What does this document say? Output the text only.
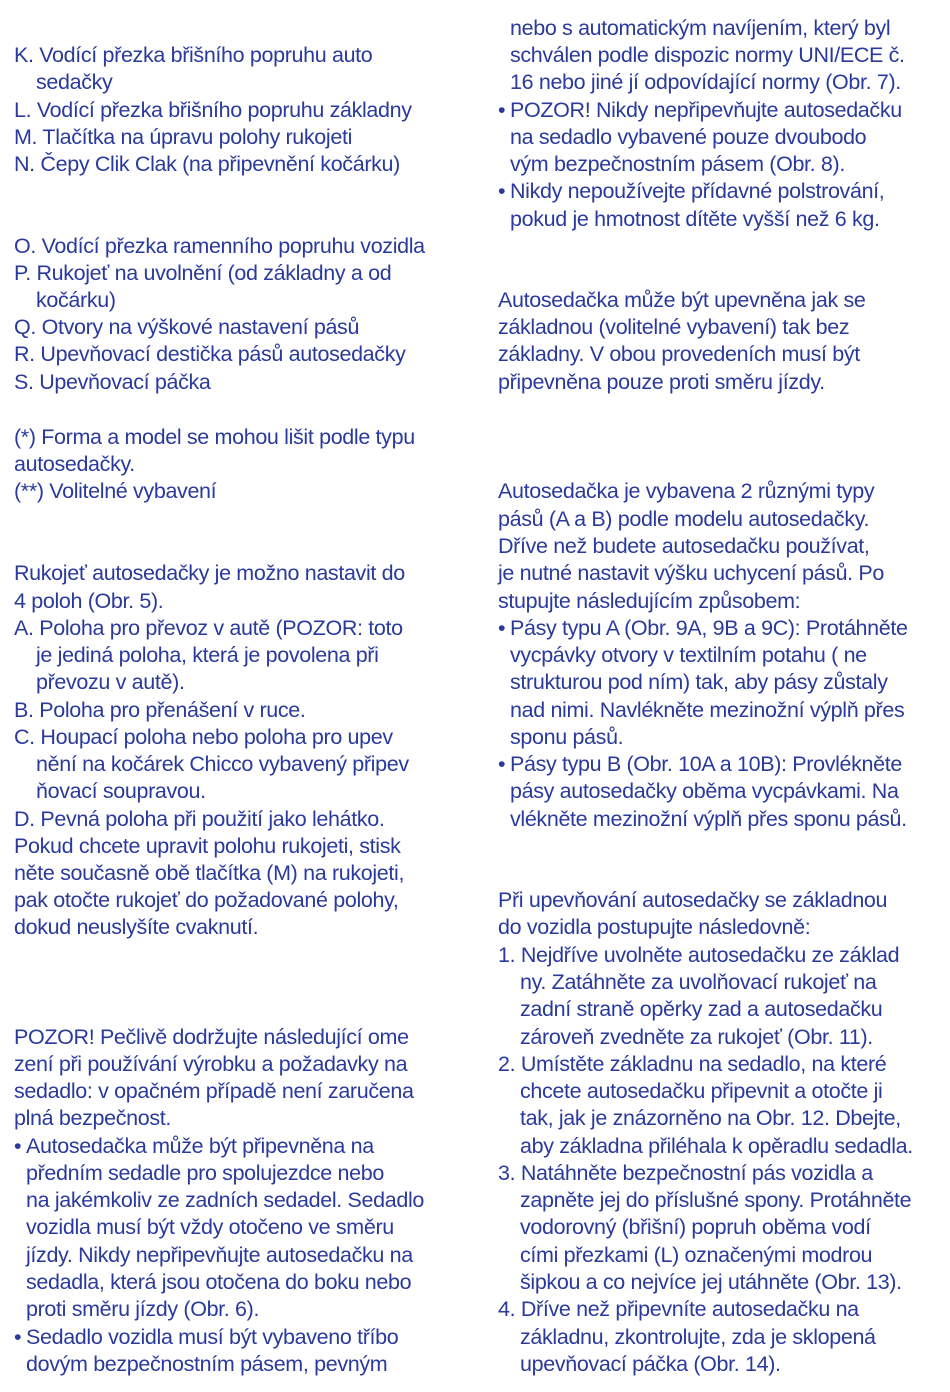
K. Vodící přezka břišního popruhu auto
sedačky
L. Vodící přezka břišního popruhu základny
M. Tlačítka na úpravu polohy rukojeti
N. Čepy Clik Clak (na připevnění kočárku)
O. Vodící přezka ramenního popruhu vozidla
P. Rukojeť na uvolnění (od základny a od
kočárku)
Q. Otvory na výškové nastavení pásů
R. Upevňovací destička pásů autosedačky
S. Upevňovací páčka
(*) Forma a model se mohou lišit podle typu
autosedačky.
(**) Volitelné vybavení
Rukojeť autosedačky je možno nastavit do
4 poloh (Obr. 5).
A. Poloha pro převoz v autě (POZOR: toto
je jediná poloha, která je povolena při
převozu v autě).
B. Poloha pro přenášení v ruce.
C. Houpací poloha nebo poloha pro upev
nění na kočárek Chicco vybavený připev
ňovací soupravou.
D. Pevná poloha při použití jako lehátko.
Pokud chcete upravit polohu rukojeti, stisk
něte současně obě tlačítka (M) na rukojeti,
pak otočte rukojeť do požadované polohy,
dokud neuslyšíte cvaknutí.
POZOR! Pečlivě dodržujte následující ome
zení při používání výrobku a požadavky na
sedadlo: v opačném případě není zaručena
plná bezpečnost.
• Autosedačka může být připevněna na
předním sedadle pro spolujezdce nebo
na jakémkoliv ze zadních sedadel. Sedadlo
vozidla musí být vždy otočeno ve směru
jízdy. Nikdy nepřipevňujte autosedačku na
sedadla, která jsou otočena do boku nebo
proti směru jízdy (Obr. 6).
• Sedadlo vozidla musí být vybaveno tříbo
dovým bezpečnostním pásem, pevným
nebo s automatickým navíjením, který byl
schválen podle dispozic normy UNI/ECE č.
16 nebo jiné jí odpovídající normy (Obr. 7).
• POZOR! Nikdy nepřipevňujte autosedačku
na sedadlo vybavené pouze dvoubodo
vým bezpečnostním pásem (Obr. 8).
• Nikdy nepoužívejte přídavné polstrování,
pokud je hmotnost dítěte vyšší než 6 kg.
Autosedačka může být upevněna jak se
základnou (volitelné vybavení) tak bez
základny. V obou provedeních musí být
připevněna pouze proti směru jízdy.
Autosedačka je vybavena 2 různými typy
pásů (A a B) podle modelu autosedačky.
Dříve než budete autosedačku používat,
je nutné nastavit výšku uchycení pásů. Po
stupujte následujícím způsobem:
• Pásy typu A (Obr. 9A, 9B a 9C): Protáhněte
vycpávky otvory v textilním potahu ( ne
strukturou pod ním) tak, aby pásy zůstaly
nad nimi. Navlékněte mezinožní výplň přes
sponu pásů.
• Pásy typu B (Obr. 10A a 10B): Provlékněte
pásy autosedačky oběma vycpávkami. Na
vlékněte mezinožní výplň přes sponu pásů.
Při upevňování autosedačky se základnou
do vozidla postupujte následovně:
1. Nejdříve uvolněte autosedačku ze základ
ny. Zatáhněte za uvolňovací rukojeť na
zadní straně opěrky zad a autosedačku
zároveň zvedněte za rukojeť (Obr. 11).
2. Umístěte základnu na sedadlo, na které
chcete autosedačku připevnit a otočte ji
tak, jak je znázorněno na Obr. 12. Dbejte,
aby základna přiléhala k opěradlu sedadla.
3. Natáhněte bezpečnostní pás vozidla a
zapněte jej do příslušné spony. Protáhněte
vodorovný (břišní) popruh oběma vodí
cími přezkami (L) označenými modrou
šipkou a co nejvíce jej utáhněte (Obr. 13).
4. Dříve než připevníte autosedačku na
základnu, zkontrolujte, zda je sklopená
upevňovací páčka (Obr. 14).
